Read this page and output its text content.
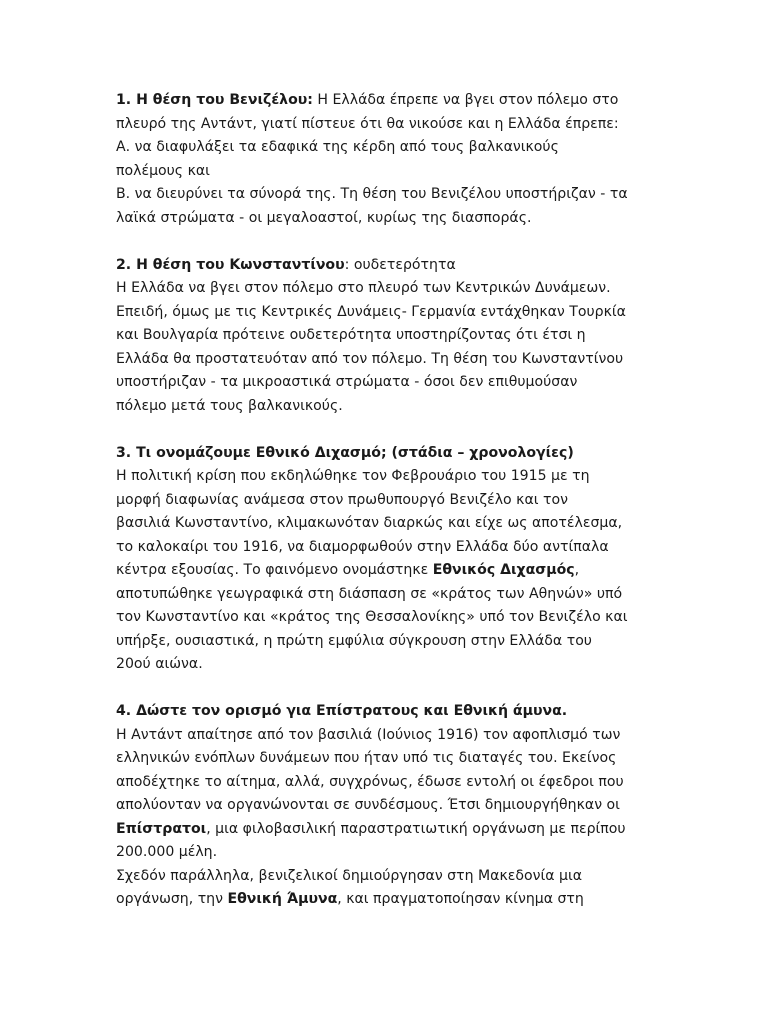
1. Η θέση του Βενιζέλου: Η Ελλάδα έπρεπε να βγει στον πόλεμο στο
πλευρό της Αντάντ, γιατί πίστευε ότι θα νικούσε και η Ελλάδα έπρεπε:
Α. να διαφυλάξει τα εδαφικά της κέρδη από τους βαλκανικούς
πολέμους και
Β. να διευρύνει τα σύνορά της. Τη θέση του Βενιζέλου υποστήριζαν - τα
λαϊκά στρώματα - οι μεγαλοαστοί, κυρίως της διασποράς.
2. Η θέση του Κωνσταντίνου: ουδετερότητα
Η Ελλάδα να βγει στον πόλεμο στο πλευρό των Κεντρικών Δυνάμεων.
Επειδή, όμως με τις Κεντρικές Δυνάμεις- Γερμανία εντάχθηκαν Τουρκία
και Βουλγαρία πρότεινε ουδετερότητα υποστηρίζοντας ότι έτσι η
Ελλάδα θα προστατευόταν από τον πόλεμο. Τη θέση του Κωνσταντίνου
υποστήριζαν - τα μικροαστικά στρώματα - όσοι δεν επιθυμούσαν
πόλεμο μετά τους βαλκανικούς.
3. Τι ονομάζουμε Εθνικό Διχασμό; (στάδια – χρονολογίες)
Η πολιτική κρίση που εκδηλώθηκε τον Φεβρουάριο του 1915 με τη
μορφή διαφωνίας ανάμεσα στον πρωθυπουργό Βενιζέλο και τον
βασιλιά Κωνσταντίνο, κλιμακωνόταν διαρκώς και είχε ως αποτέλεσμα,
το καλοκαίρι του 1916, να διαμορφωθούν στην Ελλάδα δύο αντίπαλα
κέντρα εξουσίας. Το φαινόμενο ονομάστηκε Εθνικός Διχασμός,
αποτυπώθηκε γεωγραφικά στη διάσπαση σε «κράτος των Αθηνών» υπό
τον Κωνσταντίνο και «κράτος της Θεσσαλονίκης» υπό τον Βενιζέλο και
υπήρξε, ουσιαστικά, η πρώτη εμφύλια σύγκρουση στην Ελλάδα του
20ού αιώνα.
4. Δώστε τον ορισμό για Επίστρατους και Εθνική άμυνα.
Η Αντάντ απαίτησε από τον βασιλιά (Ιούνιος 1916) τον αφοπλισμό των
ελληνικών ενόπλων δυνάμεων που ήταν υπό τις διαταγές του. Εκείνος
αποδέχτηκε το αίτημα, αλλά, συγχρόνως, έδωσε εντολή οι έφεδροι που
απολύονταν να οργανώνονται σε συνδέσμους. Έτσι δημιουργήθηκαν οι
Επίστρατοι, μια φιλοβασιλική παραστρατιωτική οργάνωση με περίπου
200.000 μέλη.
Σχεδόν παράλληλα, βενιζελικοί δημιούργησαν στη Μακεδονία μια
οργάνωση, την Εθνική Άμυνα, και πραγματοποίησαν κίνημα στη
